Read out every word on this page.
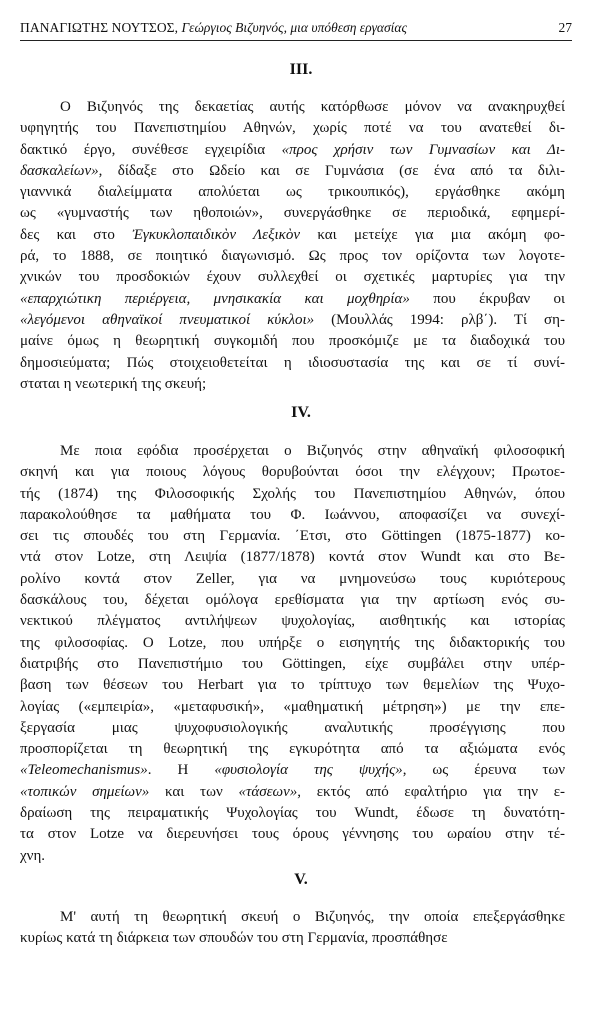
ΠΑΝΑΓΙΩΤΗΣ ΝΟΥΤΣΟΣ, Γεώργιος Βιζυηνός, μια υπόθεση εργασίας	27
III.
Ο Βιζυηνός της δεκαετίας αυτής κατόρθωσε μόνον να ανακηρυχθεί
υφηγητής του Πανεπιστημίου Αθηνών, χωρίς ποτέ να του ανατεθεί δι-
δακτικό έργο, συνέθεσε εγχειρίδια «προς χρήσιν των Γυμνασίων και Δι-
δασκαλείων», δίδαξε στο Ωδείο και σε Γυμνάσια (σε ένα από τα διλι-
γιαννικά διαλείμματα απολύεται ως τρικουπικός), εργάσθηκε ακόμη
ως «γυμναστής των ηθοποιών», συνεργάσθηκε σε περιοδικά, εφημερί-
δες και στο Ἐγκυκλοπαιδικὸν Λεξικὸν και μετείχε για μια ακόμη φο-
ρά, το 1888, σε ποιητικό διαγωνισμό. Ως προς τον ορίζοντα των λογοτε-
χνικών του προσδοκιών έχουν συλλεχθεί οι σχετικές μαρτυρίες για την
«επαρχιώτικη περιέργεια, μνησικακία και μοχθηρία» που έκρυβαν οι
«λεγόμενοι αθηναϊκοί πνευματικοί κύκλοι» (Μουλλάς 1994: ρλβ΄). Τί ση-
μαίνε όμως η θεωρητική συγκομιδή που προσκόμιζε με τα διαδοχικά του
δημοσιεύματα; Πώς στοιχειοθετείται η ιδιοσυστασία της και σε τί συνί-
σταται η νεωτερική της σκευή;
IV.
Με ποια εφόδια προσέρχεται ο Βιζυηνός στην αθηναϊκή φιλοσοφική
σκηνή και για ποιους λόγους θορυβούνται όσοι την ελέγχουν; Πρωτοε-
τής (1874) της Φιλοσοφικής Σχολής του Πανεπιστημίου Αθηνών, όπου
παρακολούθησε τα μαθήματα του Φ. Ιωάννου, αποφασίζει να συνεχί-
σει τις σπουδές του στη Γερμανία. ΄Ετσι, στο Göttingen (1875-1877) κο-
ντά στον Lotze, στη Λειψία (1877/1878) κοντά στον Wundt και στο Βε-
ρολίνο κοντά στον Zeller, για να μνημονεύσω τους κυριότερους
δασκάλους του, δέχεται ομόλογα ερεθίσματα για την αρτίωση ενός συ-
νεκτικού πλέγματος αντιλήψεων ψυχολογίας, αισθητικής και ιστορίας
της φιλοσοφίας. Ο Lotze, που υπήρξε ο εισηγητής της διδακτορικής του
διατριβής στο Πανεπιστήμιο του Göttingen, είχε συμβάλει στην υπέρ-
βαση των θέσεων του Herbart για το τρίπτυχο των θεμελίων της Ψυχο-
λογίας («εμπειρία», «μεταφυσική», «μαθηματική μέτρηση») με την επε-
ξεργασία μιας ψυχοφυσιολογικής αναλυτικής προσέγγισης που
προσπορίζεται τη θεωρητική της εγκυρότητα από τα αξιώματα ενός
«Teleomechanismus». Η «φυσιολογία της ψυχής», ως έρευνα των
«τοπικών σημείων» και των «τάσεων», εκτός από εφαλτήριο για την ε-
δραίωση της πειραματικής Ψυχολογίας του Wundt, έδωσε τη δυνατότη-
τα στον Lotze να διερευνήσει τους όρους γέννησης του ωραίου στην τέ-
χνη.
V.
Μ' αυτή τη θεωρητική σκευή ο Βιζυηνός, την οποία επεξεργάσθηκε
κυρίως κατά τη διάρκεια των σπουδών του στη Γερμανία, προσπάθησε
